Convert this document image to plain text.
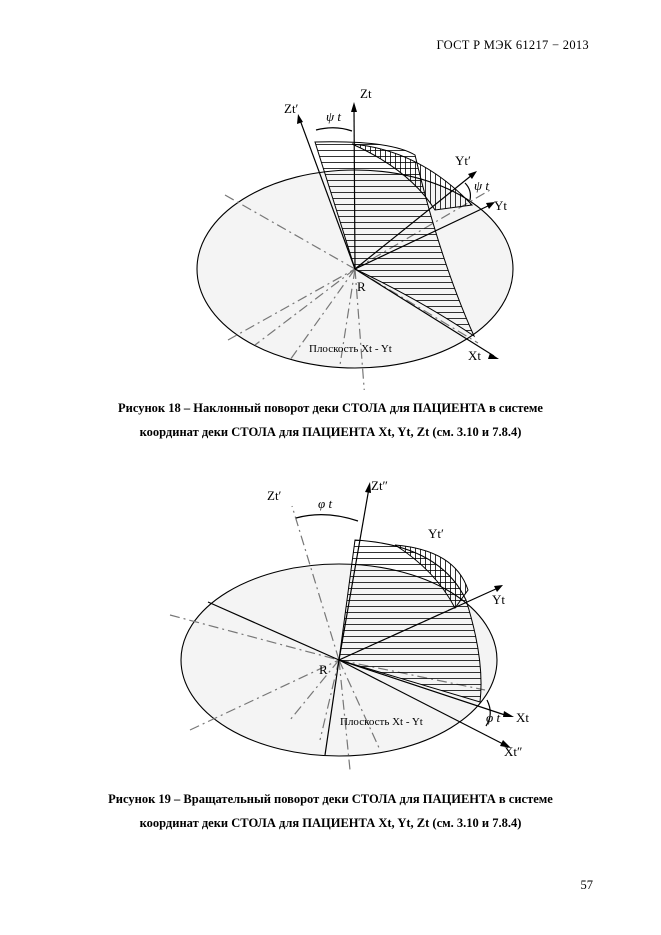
ГОСТ Р МЭК 61217 − 2013
Zt
Zt′
ψ t
Yt′
ψ t
Yt
R
Плоскость Xt - Yt	Xt
Рисунок 18 – Наклонный поворот деки СТОЛА для ПАЦИЕНТА в системе
координат деки СТОЛА для ПАЦИЕНТА Xt, Yt, Zt (см. 3.10 и 7.8.4)
Zt′
φ t
Zt″
Yt′
Yt
R
Плоскость Xt - Yt	φ t Xt
Xt″
Рисунок 19 – Вращательный поворот деки СТОЛА для ПАЦИЕНТА в системе
координат деки СТОЛА для ПАЦИЕНТА Xt, Yt, Zt (см. 3.10 и 7.8.4)
57
